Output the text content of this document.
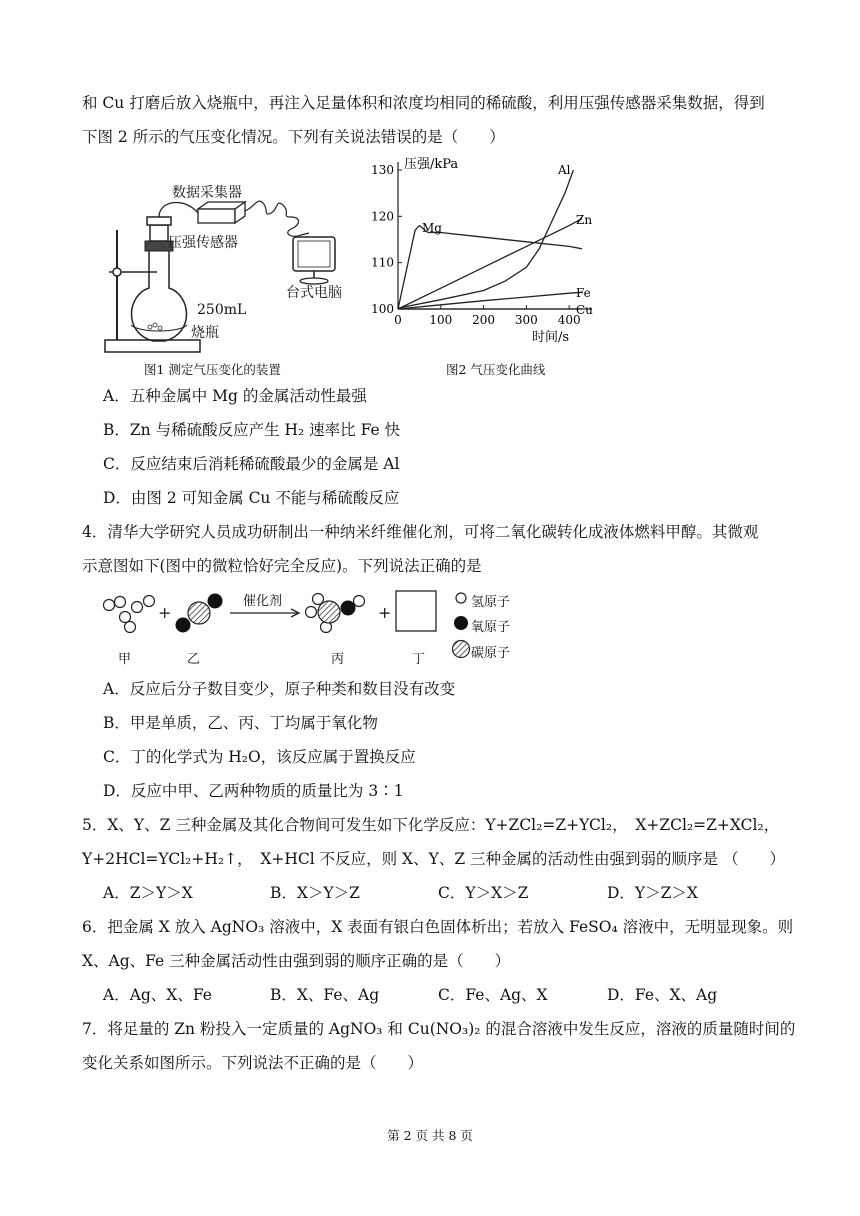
和 Cu 打磨后放入烧瓶中，再注入足量体积和浓度均相同的稀硫酸，利用压强传感器采集数据，得到
下图 2 所示的气压变化情况。下列有关说法错误的是（　　）
数据采集器
压强传感器
台式电脑
250mL
烧瓶
图1 测定气压变化的装置
100
110
120
130
0 100 200 300 400
压强/kPa
时间/s
Mg
Al
Zn
Fe
Cu
图2 气压变化曲线
A．五种金属中 Mg 的金属活动性最强
B．Zn 与稀硫酸反应产生 H₂ 速率比 Fe 快
C．反应结束后消耗稀硫酸最少的金属是 Al
D．由图 2 可知金属 Cu 不能与稀硫酸反应
4．清华大学研究人员成功研制出一种纳米纤维催化剂，可将二氧化碳转化成液体燃料甲醇。其微观
示意图如下(图中的微粒恰好完全反应)。下列说法正确的是
+	+
催化剂
甲	乙	丙	丁
氢原子
氧原子
碳原子
A．反应后分子数目变少，原子种类和数目没有改变
B．甲是单质，乙、丙、丁均属于氧化物
C．丁的化学式为 H₂O，该反应属于置换反应
D．反应中甲、乙两种物质的质量比为 3∶1
5．X、Y、Z 三种金属及其化合物间可发生如下化学反应：Y+ZCl₂=Z+YCl₂，　X+ZCl₂=Z+XCl₂，
Y+2HCl=YCl₂+H₂↑，　X+HCl 不反应，则 X、Y、Z 三种金属的活动性由强到弱的顺序是 （　　）
A．Z＞Y＞X	B．X＞Y＞Z	C．Y＞X＞Z	D．Y＞Z＞X
6．把金属 X 放入 AgNO₃ 溶液中，X 表面有银白色固体析出；若放入 FeSO₄ 溶液中，无明显现象。则
X、Ag、Fe 三种金属活动性由强到弱的顺序正确的是（　　）
A．Ag、X、Fe	B．X、Fe、Ag	C．Fe、Ag、X	D．Fe、X、Ag
7．将足量的 Zn 粉投入一定质量的 AgNO₃ 和 Cu(NO₃)₂ 的混合溶液中发生反应，溶液的质量随时间的
变化关系如图所示。下列说法不正确的是（　　）
第 2 页 共 8 页
